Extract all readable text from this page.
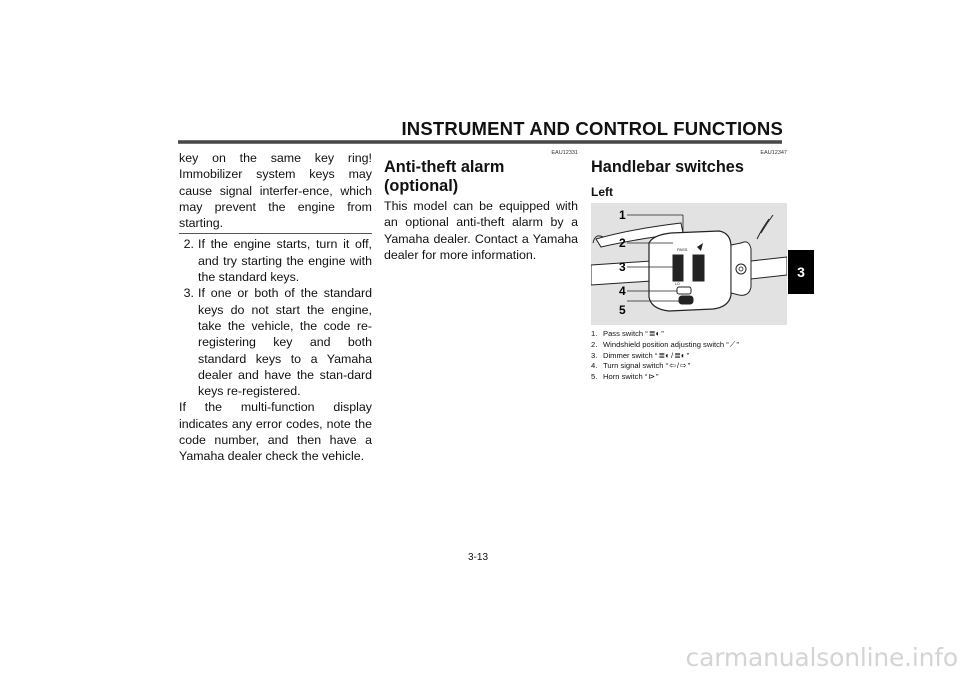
INSTRUMENT AND CONTROL FUNCTIONS
3

key on the same key ring! Immobilizer system keys may cause signal interfer-ence, which may prevent the engine from starting.

2. If the engine starts, turn it off, and try starting the engine with the standard keys.
3. If one or both of the standard keys do not start the engine, take the vehicle, the code re-registering key and both standard keys to a Yamaha dealer and have the stan-dard keys re-registered.

If the multi-function display indicates any error codes, note the code number, and then have a Yamaha dealer check the vehicle.

EAU12331
Anti-theft alarm (optional)

This model can be equipped with an optional anti-theft alarm by a Yamaha dealer. Contact a Yamaha dealer for more information.

EAU12347
Handlebar switches
Left
PASS
LO
1
2
3
4
5
1. Pass switch “≣◐”
2. Windshield position adjusting switch “⟋”
3. Dimmer switch “≣◐/≣◐”
4. Turn signal switch “⇦/⇨”
5. Horn switch “⊳”
3-13
carmanualsonline.info
